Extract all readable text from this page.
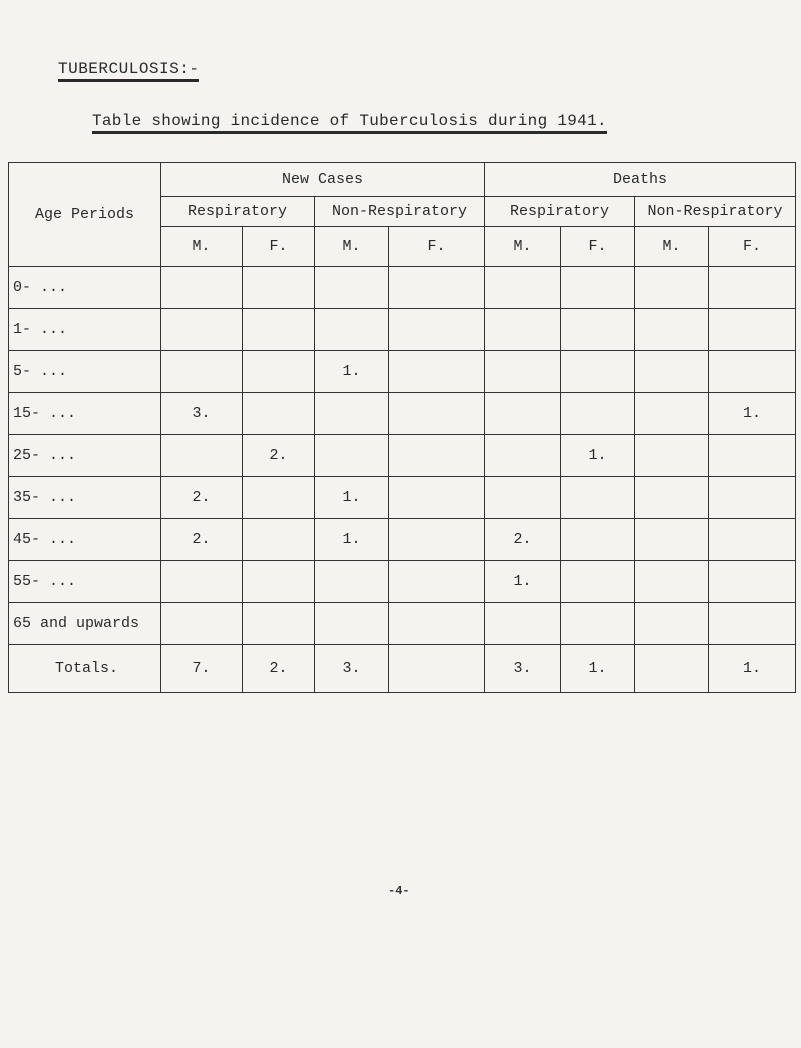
TUBERCULOSIS:-
Table showing incidence of Tuberculosis during 1941.
Age Periods	New Cases				Deaths			
	Respiratory		Non-Respiratory		Respiratory		Non-Respiratory	
	M.	F.	M.	F.	M.	F.	M.	F.
0- ...								
1- ...								
5- ...			1.					
15- ...	3.							1.
25- ...		2.				1.		
35- ...	2.		1.					
45- ...	2.		1.		2.			
55- ...					1.			
65 and upwards								
Totals.	7.	2.	3.		3.	1.		1.
-4-
